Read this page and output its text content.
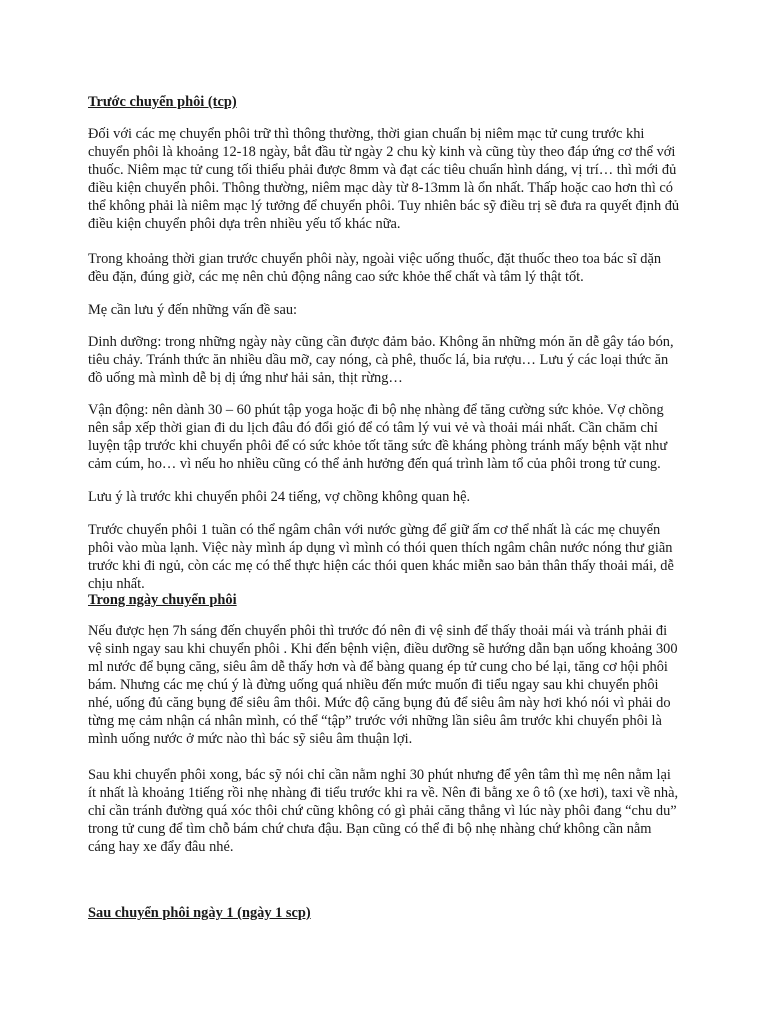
Trước chuyển phôi (tcp)

Đối với các mẹ chuyển phôi trữ thì thông thường, thời gian chuẩn bị niêm mạc tử cung trước khi chuyển phôi là khoảng 12-18 ngày, bắt đầu từ ngày 2 chu kỳ kinh và cũng tùy theo đáp ứng cơ thể với thuốc. Niêm mạc tử cung tối thiểu phải được 8mm và đạt các tiêu chuẩn hình dáng, vị trí… thì mới đủ điều kiện chuyển phôi. Thông thường, niêm mạc dày từ 8-13mm là ổn nhất. Thấp hoặc cao hơn thì có thể không phải là niêm mạc lý tưởng để chuyển phôi. Tuy nhiên bác sỹ điều trị sẽ đưa ra quyết định đủ điều kiện chuyển phôi dựa trên nhiều yếu tố khác nữa.

Trong khoảng thời gian trước chuyển phôi này, ngoài việc uống thuốc, đặt thuốc theo toa bác sĩ dặn đều đặn, đúng giờ, các mẹ nên chủ động nâng cao sức khỏe thể chất và tâm lý thật tốt.

Mẹ cần lưu ý đến những vấn đề sau:

Dinh dưỡng: trong những ngày này cũng cần được đảm bảo. Không ăn những món ăn dễ gây táo bón, tiêu chảy. Tránh thức ăn nhiều dầu mỡ, cay nóng, cà phê, thuốc lá, bia rượu… Lưu ý các loại thức ăn đồ uống mà mình dễ bị dị ứng như hải sản, thịt rừng…

Vận động: nên dành 30 – 60 phút tập yoga hoặc đi bộ nhẹ nhàng để tăng cường sức khỏe. Vợ chồng nên sắp xếp thời gian đi du lịch đâu đó đổi gió để có tâm lý vui vẻ và thoải mái nhất. Cần chăm chỉ luyện tập trước khi chuyển phôi để có sức khỏe tốt tăng sức đề kháng phòng tránh mấy bệnh vặt như cảm cúm, ho… vì nếu ho nhiều cũng có thể ảnh hưởng đến quá trình làm tổ của phôi trong tử cung.

Lưu ý là trước khi chuyển phôi 24 tiếng, vợ chồng không quan hệ.

Trước chuyển phôi 1 tuần có thể ngâm chân với nước gừng để giữ ấm cơ thể nhất là các mẹ chuyển phôi vào mùa lạnh. Việc này mình áp dụng vì mình có thói quen thích ngâm chân nước nóng thư giãn trước khi đi ngủ, còn các mẹ có thể thực hiện các thói quen khác miễn sao bản thân thấy thoải mái, dễ chịu nhất.

Trong ngày chuyển phôi

Nếu được hẹn 7h sáng đến chuyển phôi thì trước đó nên đi vệ sinh để thấy thoải mái và tránh phải đi vệ sinh ngay sau khi chuyển phôi . Khi đến bệnh viện, điều dưỡng sẽ hướng dẫn bạn uống khoảng 300 ml nước để bụng căng, siêu âm dễ thấy hơn và để bàng quang ép tử cung cho bé lại, tăng cơ hội phôi bám. Nhưng các mẹ chú ý là đừng uống quá nhiều đến mức muốn đi tiểu ngay sau khi chuyển phôi nhé, uống đủ căng bụng để siêu âm thôi. Mức độ căng bụng đủ để siêu âm này hơi khó nói vì phải do từng mẹ cảm nhận cá nhân mình, có thể “tập” trước với những lần siêu âm trước khi chuyển phôi là mình uống nước ở mức nào thì bác sỹ siêu âm thuận lợi.

Sau khi chuyển phôi xong, bác sỹ nói chỉ cần nằm nghỉ 30 phút nhưng để yên tâm thì mẹ nên nằm lại ít nhất là khoảng 1tiếng rồi nhẹ nhàng đi tiểu trước khi ra về. Nên đi bằng xe ô tô (xe hơi), taxi về nhà, chỉ cần tránh đường quá xóc thôi chứ cũng không có gì phải căng thẳng vì lúc này phôi đang “chu du” trong tử cung để tìm chỗ bám chứ chưa đậu. Bạn cũng có thể đi bộ nhẹ nhàng chứ không cần nằm cáng hay xe đẩy đâu nhé.

Sau chuyển phôi ngày 1 (ngày 1 scp)
